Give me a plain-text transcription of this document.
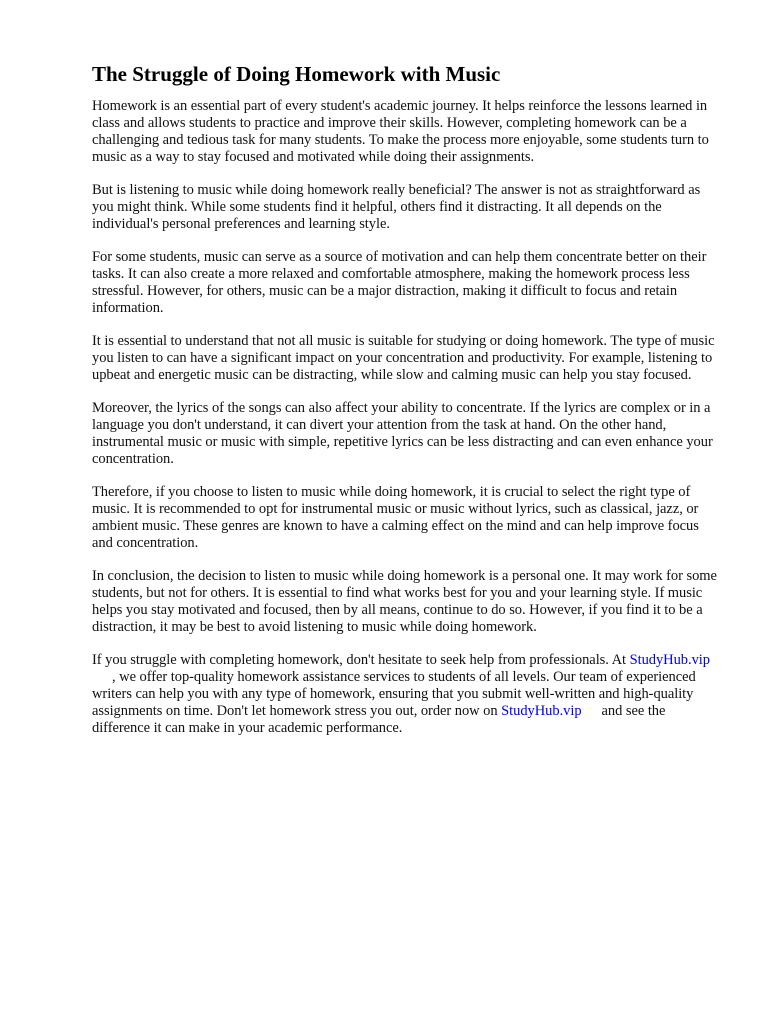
The Struggle of Doing Homework with Music

Homework is an essential part of every student's academic journey. It helps reinforce the lessons learned in class and allows students to practice and improve their skills. However, completing homework can be a challenging and tedious task for many students. To make the process more enjoyable, some students turn to music as a way to stay focused and motivated while doing their assignments.

But is listening to music while doing homework really beneficial? The answer is not as straightforward as you might think. While some students find it helpful, others find it distracting. It all depends on the individual's personal preferences and learning style.

For some students, music can serve as a source of motivation and can help them concentrate better on their tasks. It can also create a more relaxed and comfortable atmosphere, making the homework process less stressful. However, for others, music can be a major distraction, making it difficult to focus and retain information.

It is essential to understand that not all music is suitable for studying or doing homework. The type of music you listen to can have a significant impact on your concentration and productivity. For example, listening to upbeat and energetic music can be distracting, while slow and calming music can help you stay focused.

Moreover, the lyrics of the songs can also affect your ability to concentrate. If the lyrics are complex or in a language you don't understand, it can divert your attention from the task at hand. On the other hand, instrumental music or music with simple, repetitive lyrics can be less distracting and can even enhance your concentration.

Therefore, if you choose to listen to music while doing homework, it is crucial to select the right type of music. It is recommended to opt for instrumental music or music without lyrics, such as classical, jazz, or ambient music. These genres are known to have a calming effect on the mind and can help improve focus and concentration.

In conclusion, the decision to listen to music while doing homework is a personal one. It may work for some students, but not for others. It is essential to find what works best for you and your learning style. If music helps you stay motivated and focused, then by all means, continue to do so. However, if you find it to be a distraction, it may be best to avoid listening to music while doing homework.

If you struggle with completing homework, don't hesitate to seek help from professionals. At StudyHub.vip, we offer top-quality homework assistance services to students of all levels. Our team of experienced writers can help you with any type of homework, ensuring that you submit well-written and high-quality assignments on time. Don't let homework stress you out, order now on StudyHub.vip and see the difference it can make in your academic performance.
